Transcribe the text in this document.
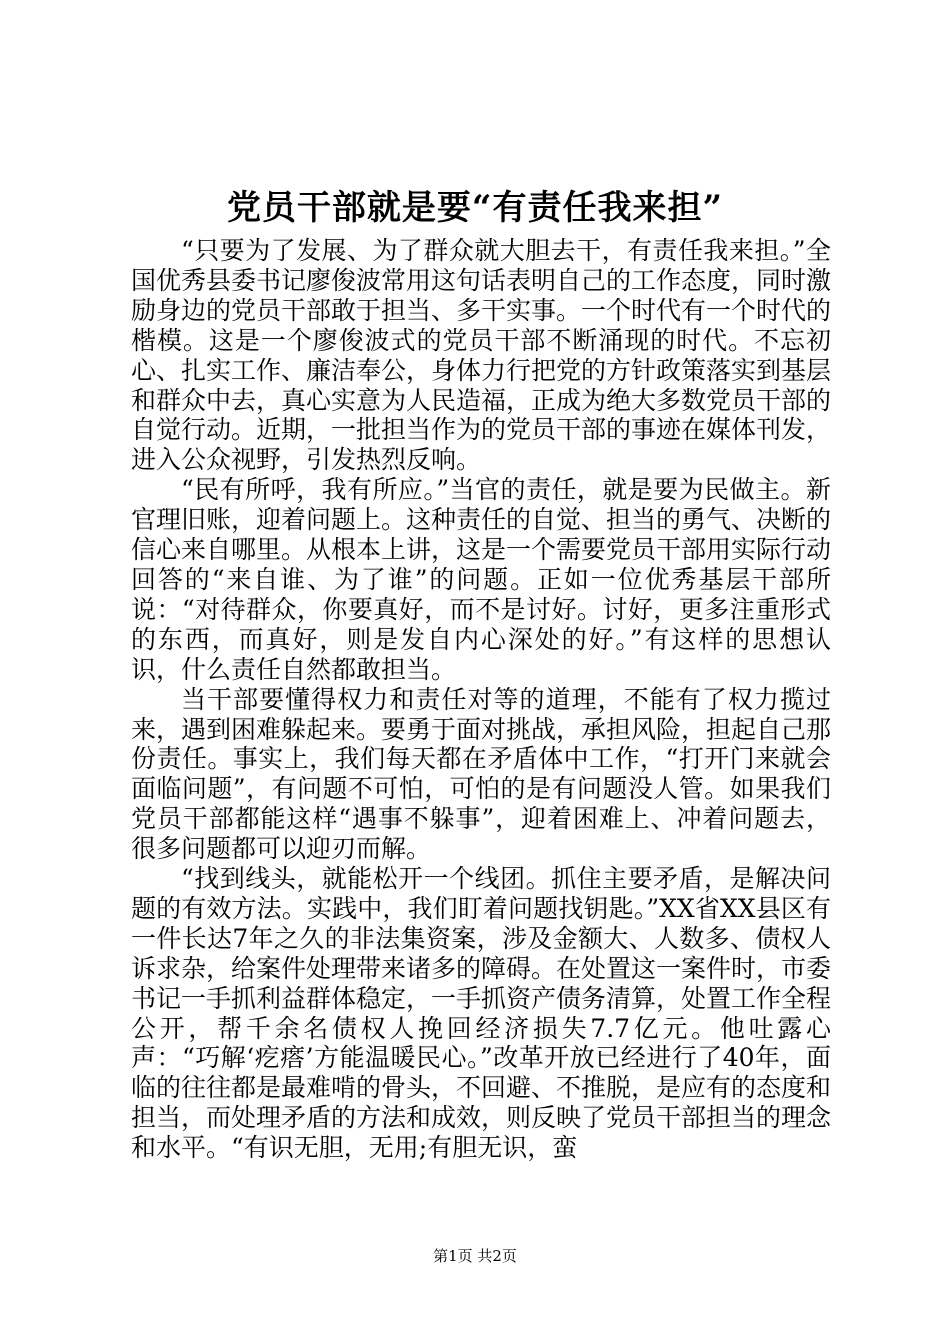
党员干部就是要“有责任我来担”

“只要为了发展、为了群众就大胆去干，有责任我来担。”全国优秀县委书记廖俊波常用这句话表明自己的工作态度，同时激励身边的党员干部敢于担当、多干实事。一个时代有一个时代的楷模。这是一个廖俊波式的党员干部不断涌现的时代。不忘初心、扎实工作、廉洁奉公，身体力行把党的方针政策落实到基层和群众中去，真心实意为人民造福，正成为绝大多数党员干部的自觉行动。近期，一批担当作为的党员干部的事迹在媒体刊发，进入公众视野，引发热烈反响。

“民有所呼，我有所应。”当官的责任，就是要为民做主。新官理旧账，迎着问题上。这种责任的自觉、担当的勇气、决断的信心来自哪里。从根本上讲，这是一个需要党员干部用实际行动回答的“来自谁、为了谁”的问题。正如一位优秀基层干部所说：“对待群众，你要真好，而不是讨好。讨好，更多注重形式的东西，而真好，则是发自内心深处的好。”有这样的思想认识，什么责任自然都敢担当。

当干部要懂得权力和责任对等的道理，不能有了权力揽过来，遇到困难躲起来。要勇于面对挑战，承担风险，担起自己那份责任。事实上，我们每天都在矛盾体中工作，“打开门来就会面临问题”，有问题不可怕，可怕的是有问题没人管。如果我们党员干部都能这样“遇事不躲事”，迎着困难上、冲着问题去，很多问题都可以迎刃而解。

“找到线头，就能松开一个线团。抓住主要矛盾，是解决问题的有效方法。实践中，我们盯着问题找钥匙。”XX省XX县区有一件长达7年之久的非法集资案，涉及金额大、人数多、债权人诉求杂，给案件处理带来诸多的障碍。在处置这一案件时，市委书记一手抓利益群体稳定，一手抓资产债务清算，处置工作全程公开，帮千余名债权人挽回经济损失7.7亿元。他吐露心声：“巧解‘疙瘩’方能温暖民心。”改革开放已经进行了40年，面临的往往都是最难啃的骨头，不回避、不推脱，是应有的态度和担当，而处理矛盾的方法和成效，则反映了党员干部担当的理念和水平。“有识无胆，无用;有胆无识，蛮

第1页 共2页
